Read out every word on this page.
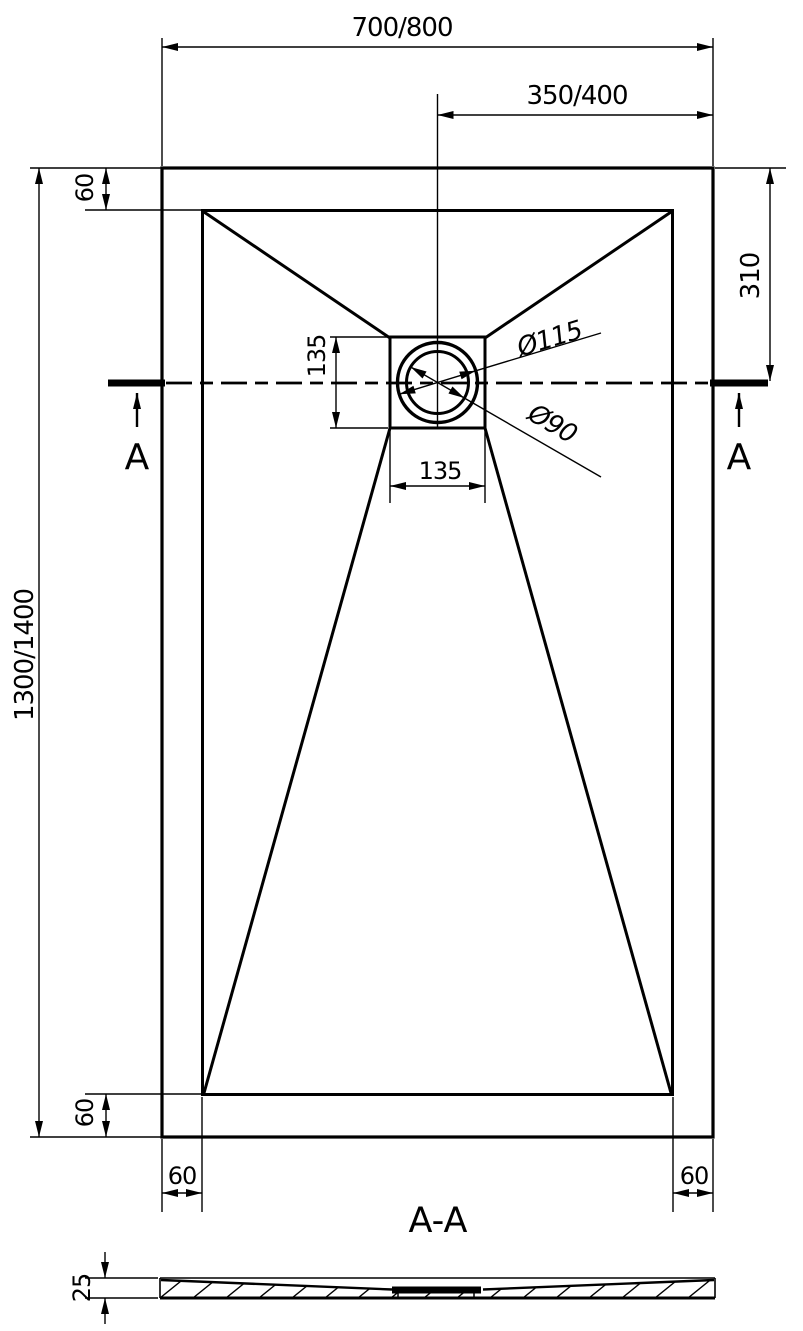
700/800
350/400
310
1300/1400
60
60
60	60
135
135
Ø115
Ø90
A	A
A-A
25
